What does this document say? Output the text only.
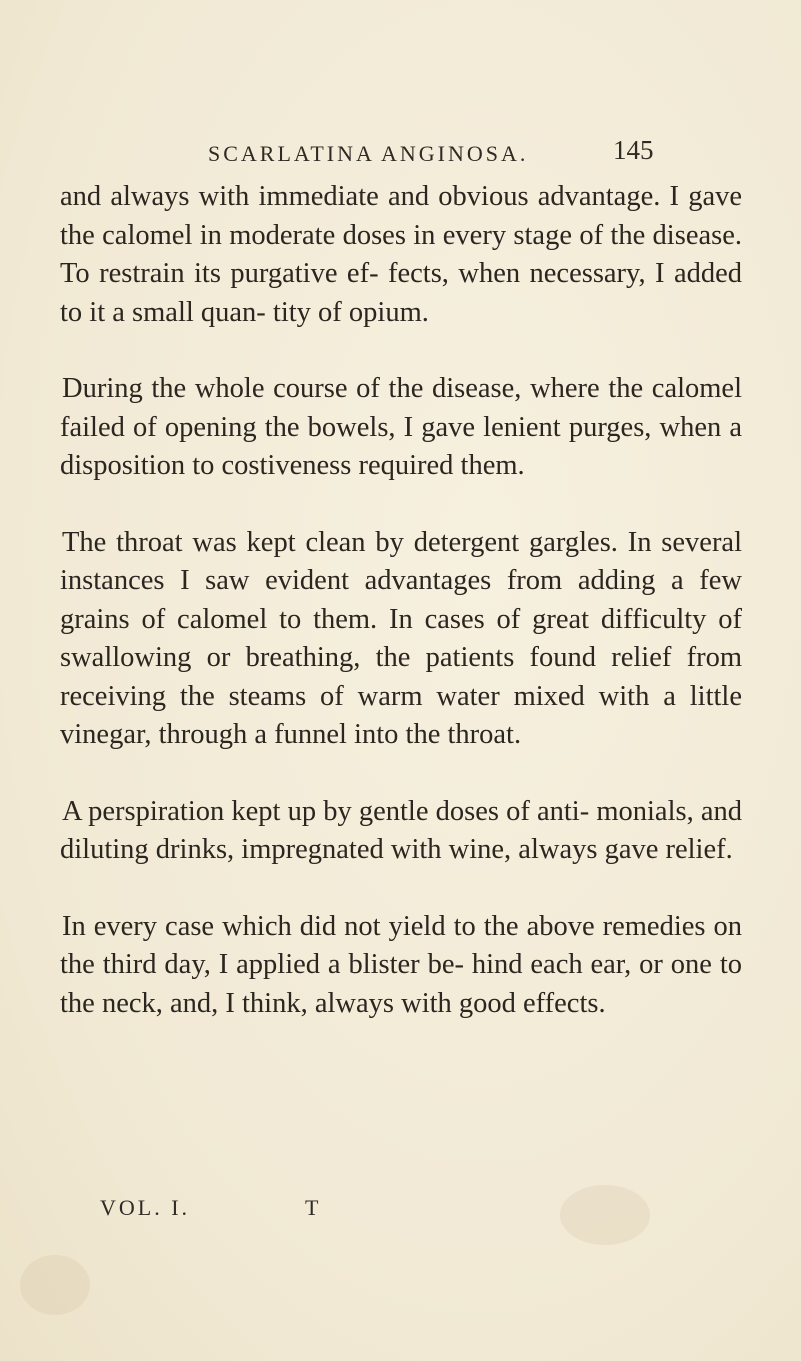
SCARLATINA ANGINOSA.	145

and always with immediate and obvious advantage. I gave the calomel in moderate doses in every stage of the disease. To restrain its purgative ef- fects, when necessary, I added to it a small quan- tity of opium.

During the whole course of the disease, where the calomel failed of opening the bowels, I gave lenient purges, when a disposition to costiveness required them.

The throat was kept clean by detergent gargles. In several instances I saw evident advantages from adding a few grains of calomel to them. In cases of great difficulty of swallowing or breathing, the patients found relief from receiving the steams of warm water mixed with a little vinegar, through a funnel into the throat.

A perspiration kept up by gentle doses of anti- monials, and diluting drinks, impregnated with wine, always gave relief.

In every case which did not yield to the above remedies on the third day, I applied a blister be- hind each ear, or one to the neck, and, I think, always with good effects.

VOL. I.	T
